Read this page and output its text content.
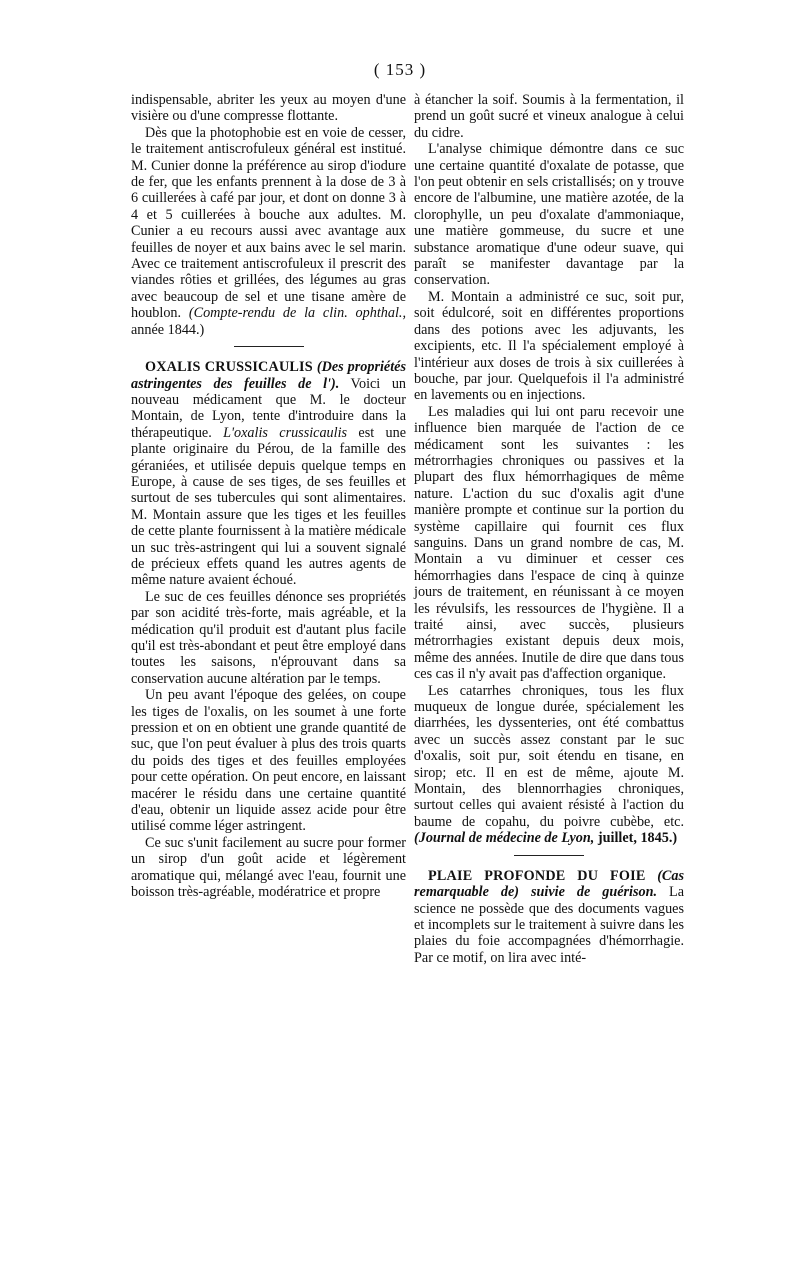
( 153 )

indispensable, abriter les yeux au moyen d'une visière ou d'une compresse flottante.

Dès que la photophobie est en voie de cesser, le traitement antiscrofuleux général est institué. M. Cunier donne la préférence au sirop d'iodure de fer, que les enfants prennent à la dose de 3 à 6 cuillerées à café par jour, et dont on donne 3 à 4 et 5 cuillerées à bouche aux adultes. M. Cunier a eu recours aussi avec avantage aux feuilles de noyer et aux bains avec le sel marin. Avec ce traitement antiscrofuleux il prescrit des viandes rôties et grillées, des légumes au gras avec beaucoup de sel et une tisane amère de houblon. (Compte-rendu de la clin. ophthal., année 1844.)

OXALIS CRUSSICAULIS (Des propriétés astringentes des feuilles de l'). Voici un nouveau médicament que M. le docteur Montain, de Lyon, tente d'introduire dans la thérapeutique. L'oxalis crussicaulis est une plante originaire du Pérou, de la famille des géraniées, et utilisée depuis quelque temps en Europe, à cause de ses tiges, de ses feuilles et surtout de ses tubercules qui sont alimentaires. M. Montain assure que les tiges et les feuilles de cette plante fournissent à la matière médicale un suc très-astringent qui lui a souvent signalé de précieux effets quand les autres agents de même nature avaient échoué.

Le suc de ces feuilles dénonce ses propriétés par son acidité très-forte, mais agréable, et la médication qu'il produit est d'autant plus facile qu'il est très-abondant et peut être employé dans toutes les saisons, n'éprouvant dans sa conservation aucune altération par le temps.

Un peu avant l'époque des gelées, on coupe les tiges de l'oxalis, on les soumet à une forte pression et on en obtient une grande quantité de suc, que l'on peut évaluer à plus des trois quarts du poids des tiges et des feuilles employées pour cette opération. On peut encore, en laissant macérer le résidu dans une certaine quantité d'eau, obtenir un liquide assez acide pour être utilisé comme léger astringent.

Ce suc s'unit facilement au sucre pour former un sirop d'un goût acide et légèrement aromatique qui, mélangé avec l'eau, fournit une boisson très-agréable, modératrice et propre

à étancher la soif. Soumis à la fermentation, il prend un goût sucré et vineux analogue à celui du cidre.

L'analyse chimique démontre dans ce suc une certaine quantité d'oxalate de potasse, que l'on peut obtenir en sels cristallisés; on y trouve encore de l'albumine, une matière azotée, de la clorophylle, un peu d'oxalate d'ammoniaque, une matière gommeuse, du sucre et une substance aromatique d'une odeur suave, qui paraît se manifester davantage par la conservation.

M. Montain a administré ce suc, soit pur, soit édulcoré, soit en différentes proportions dans des potions avec les adjuvants, les excipients, etc. Il l'a spécialement employé à l'intérieur aux doses de trois à six cuillerées à bouche, par jour. Quelquefois il l'a administré en lavements ou en injections.

Les maladies qui lui ont paru recevoir une influence bien marquée de l'action de ce médicament sont les suivantes : les métrorrhagies chroniques ou passives et la plupart des flux hémorrhagiques de même nature. L'action du suc d'oxalis agit d'une manière prompte et continue sur la portion du système capillaire qui fournit ces flux sanguins. Dans un grand nombre de cas, M. Montain a vu diminuer et cesser ces hémorrhagies dans l'espace de cinq à quinze jours de traitement, en réunissant à ce moyen les révulsifs, les ressources de l'hygiène. Il a traité ainsi, avec succès, plusieurs métrorrhagies existant depuis deux mois, même des années. Inutile de dire que dans tous ces cas il n'y avait pas d'affection organique.

Les catarrhes chroniques, tous les flux muqueux de longue durée, spécialement les diarrhées, les dyssenteries, ont été combattus avec un succès assez constant par le suc d'oxalis, soit pur, soit étendu en tisane, en sirop; etc. Il en est de même, ajoute M. Montain, des blennorrhagies chroniques, surtout celles qui avaient résisté à l'action du baume de copahu, du poivre cubèbe, etc. (Journal de médecine de Lyon, juillet, 1845.)

PLAIE PROFONDE DU FOIE (Cas remarquable de) suivie de guérison. La science ne possède que des documents vagues et incomplets sur le traitement à suivre dans les plaies du foie accompagnées d'hémorrhagie. Par ce motif, on lira avec inté-
